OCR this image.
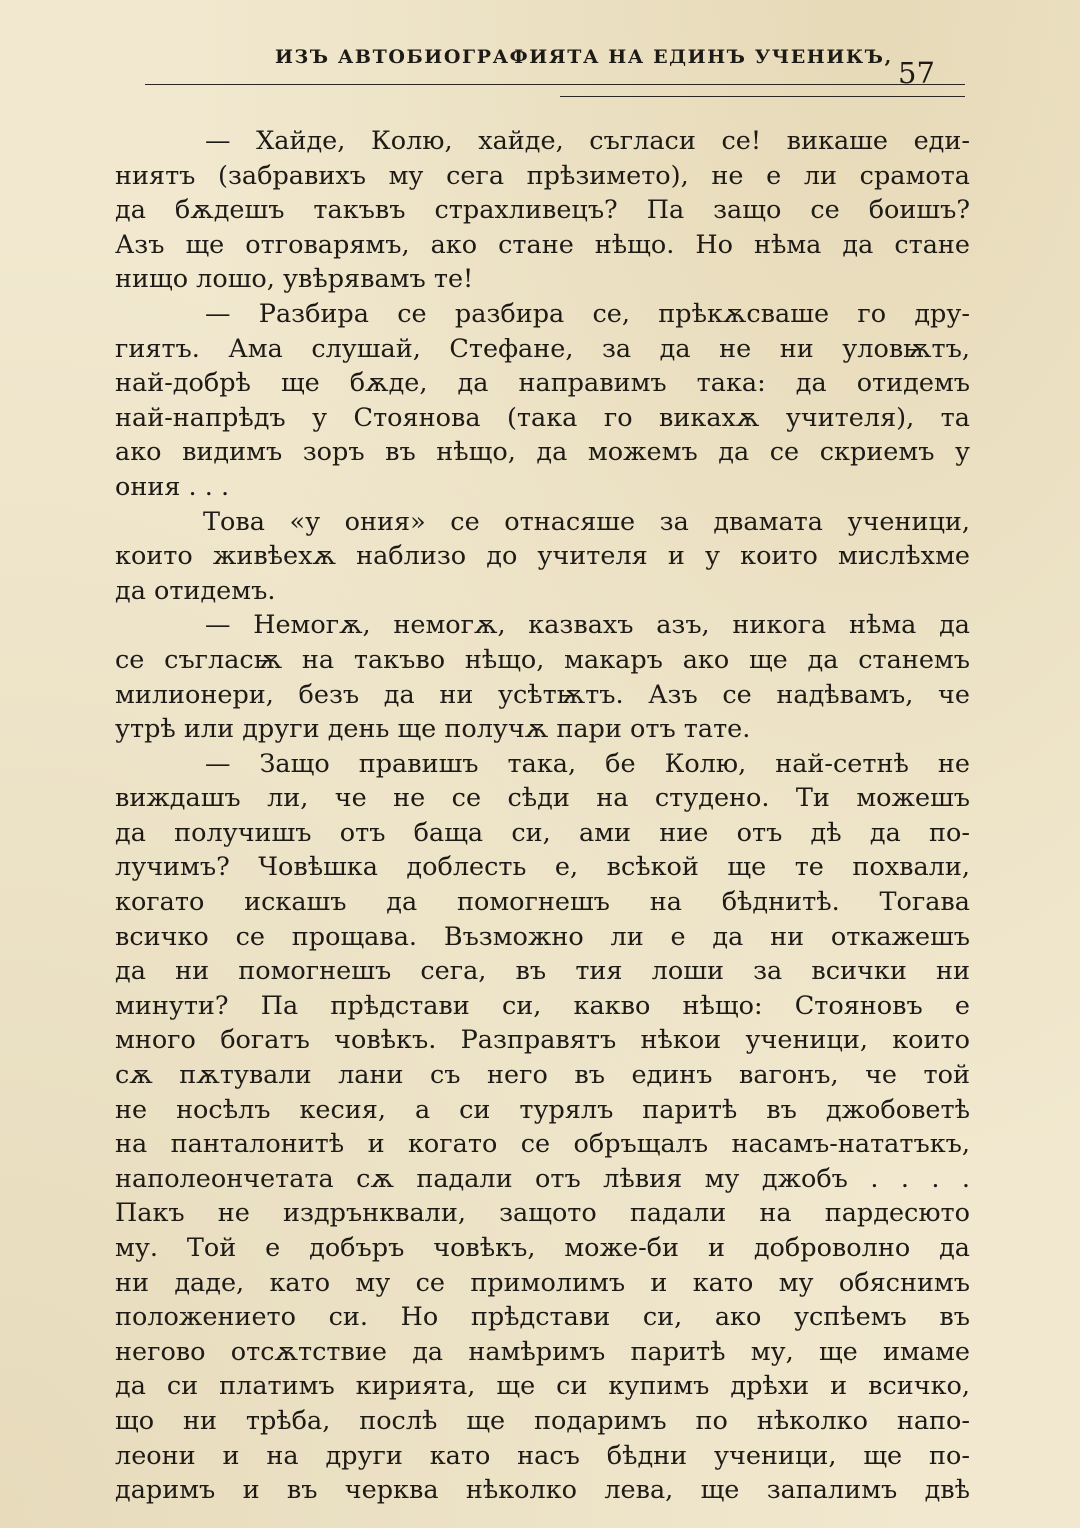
ИЗЪ АВТОБИОГРАФИЯТА НА ЕДИНЪ УЧЕНИКЪ, 57
— Хайде, Колю, хайде, съгласи се! викаше еди-
ниятъ (забравихъ му сега прѣзимето), не е ли срамота
да бѫдешъ такъвъ страхливецъ? Па защо се боишъ?
Азъ ще отговарямъ, ако стане нѣщо. Но нѣма да стане
нищо лошо, увѣрявамъ те!
— Разбира се разбира се, прѣкѫсваше го дру-
гиятъ. Ама слушай, Стефане, за да не ни уловѭтъ,
най-добрѣ ще бѫде, да направимъ така: да отидемъ
най-напрѣдъ у Стоянова (така го викахѫ учителя), та
ако видимъ зоръ въ нѣщо, да можемъ да се скриемъ у
ония . . .
Това «у ония» се отнасяше за двамата ученици,
които живѣехѫ наблизо до учителя и у които мислѣхме
да отидемъ.
— Немогѫ, немогѫ, казвахъ азъ, никога нѣма да
се съгласѭ на такъво нѣщо, макаръ ако ще да станемъ
милионери, безъ да ни усѣтѭтъ. Азъ се надѣвамъ, че
утрѣ или други день ще получѫ пари отъ тате.
— Защо правишъ така, бе Колю, най-сетнѣ не
виждашъ ли, че не се сѣди на студено. Ти можешъ
да получишъ отъ баща си, ами ние отъ дѣ да по-
лучимъ? Човѣшка доблесть е, всѣкой ще те похвали,
когато искашъ да помогнешъ на бѣднитѣ. Тогава
всичко се прощава. Възможно ли е да ни откажешъ
да ни помогнешъ сега, въ тия лоши за всички ни
минути? Па прѣдстави си, какво нѣщо: Стояновъ е
много богатъ човѣкъ. Разправятъ нѣкои ученици, които
сѫ пѫтували лани съ него въ единъ вагонъ, че той
не носѣлъ кесия, а си турялъ паритѣ въ джобоветѣ
на панталонитѣ и когато се обръщалъ насамъ-нататъкъ,
наполеончетата сѫ падали отъ лѣвия му джобъ . . . .
Пакъ не издрънквали, защото падали на пардесюто
му. Той е добъръ човѣкъ, може-би и доброволно да
ни даде, като му се примолимъ и като му обяснимъ
положението си. Но прѣдстави си, ако успѣемъ въ
негово отсѫтствие да намѣримъ паритѣ му, ще имаме
да си платимъ кирията, ще си купимъ дрѣхи и всичко,
що ни трѣба, послѣ ще подаримъ по нѣколко напо-
леони и на други като насъ бѣдни ученици, ще по-
даримъ и въ черква нѣколко лева, ще запалимъ двѣ
